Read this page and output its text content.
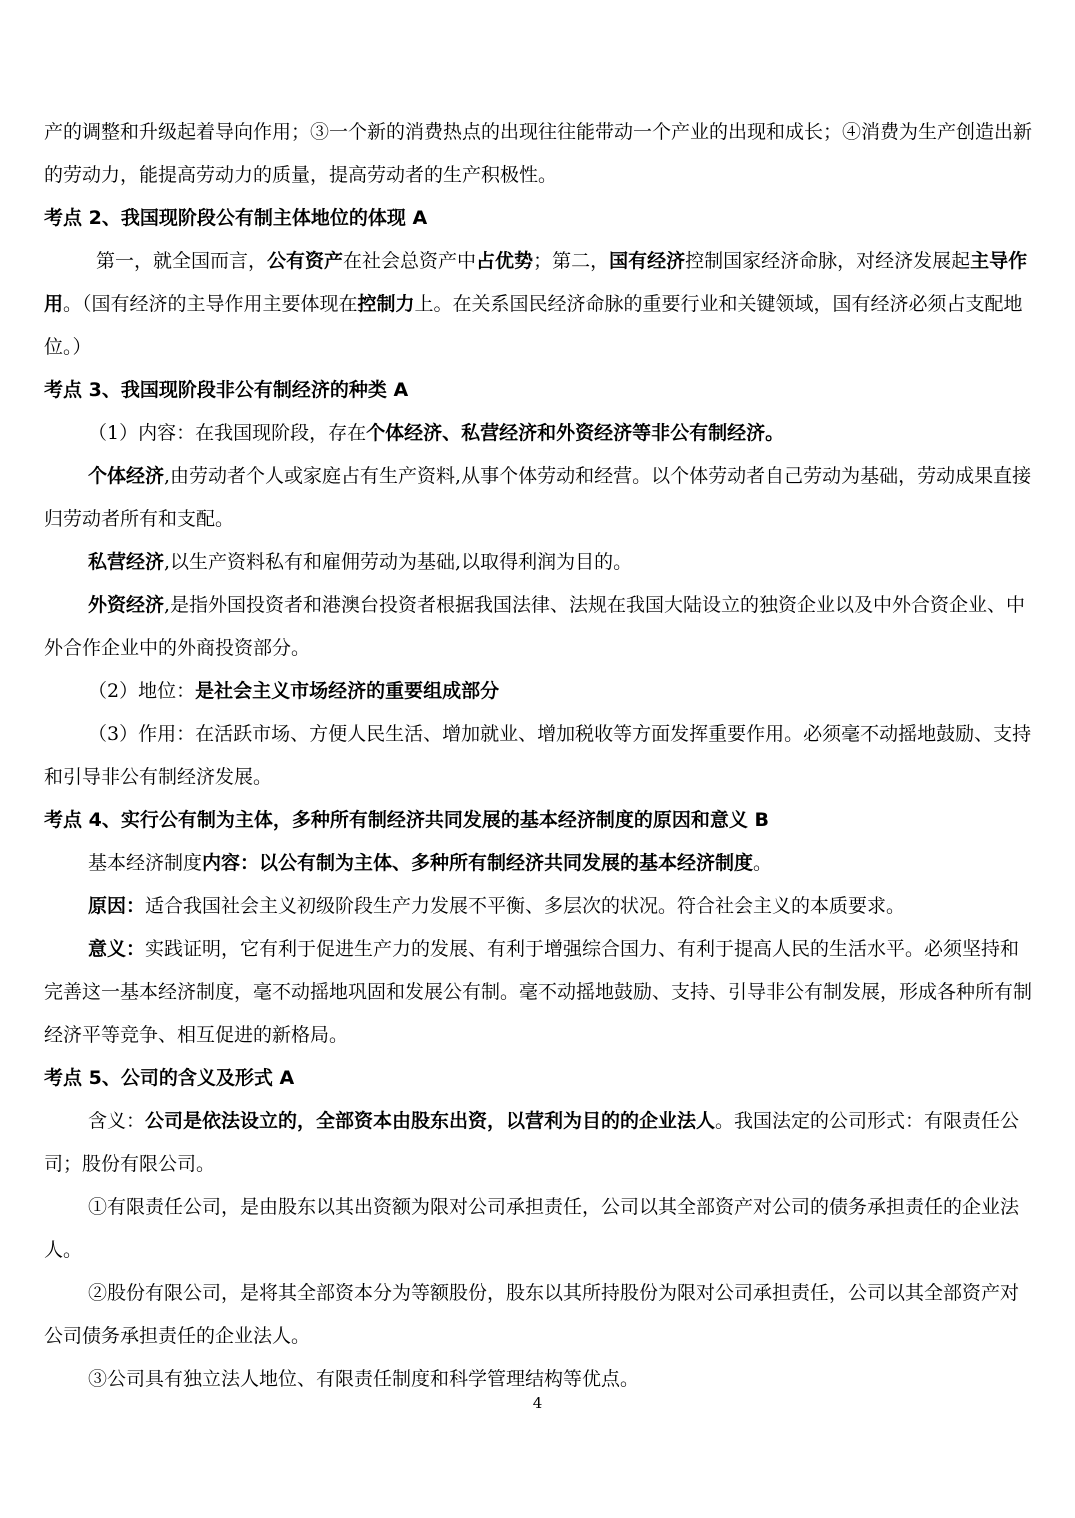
产的调整和升级起着导向作用；③一个新的消费热点的出现往往能带动一个产业的出现和成长；④消费为生产创造出新的劳动力，能提高劳动力的质量，提高劳动者的生产积极性。

考点 2、我国现阶段公有制主体地位的体现 A

第一，就全国而言，公有资产在社会总资产中占优势；第二，国有经济控制国家经济命脉，对经济发展起主导作用。（国有经济的主导作用主要体现在控制力上。在关系国民经济命脉的重要行业和关键领域，国有经济必须占支配地位。）

考点 3、我国现阶段非公有制经济的种类 A

（1）内容：在我国现阶段，存在个体经济、私营经济和外资经济等非公有制经济。

个体经济,由劳动者个人或家庭占有生产资料,从事个体劳动和经营。以个体劳动者自己劳动为基础，劳动成果直接归劳动者所有和支配。

私营经济,以生产资料私有和雇佣劳动为基础,以取得利润为目的。

外资经济,是指外国投资者和港澳台投资者根据我国法律、法规在我国大陆设立的独资企业以及中外合资企业、中外合作企业中的外商投资部分。

（2）地位：是社会主义市场经济的重要组成部分

（3）作用：在活跃市场、方便人民生活、增加就业、增加税收等方面发挥重要作用。必须毫不动摇地鼓励、支持和引导非公有制经济发展。

考点 4、实行公有制为主体，多种所有制经济共同发展的基本经济制度的原因和意义 B

基本经济制度内容：以公有制为主体、多种所有制经济共同发展的基本经济制度。

原因：适合我国社会主义初级阶段生产力发展不平衡、多层次的状况。符合社会主义的本质要求。

意义：实践证明，它有利于促进生产力的发展、有利于增强综合国力、有利于提高人民的生活水平。必须坚持和完善这一基本经济制度，毫不动摇地巩固和发展公有制。毫不动摇地鼓励、支持、引导非公有制发展，形成各种所有制经济平等竞争、相互促进的新格局。

考点 5、公司的含义及形式 A

含义：公司是依法设立的，全部资本由股东出资，以营利为目的的企业法人。我国法定的公司形式：有限责任公司；股份有限公司。

①有限责任公司，是由股东以其出资额为限对公司承担责任，公司以其全部资产对公司的债务承担责任的企业法人。

②股份有限公司，是将其全部资本分为等额股份，股东以其所持股份为限对公司承担责任，公司以其全部资产对公司债务承担责任的企业法人。

③公司具有独立法人地位、有限责任制度和科学管理结构等优点。

4
